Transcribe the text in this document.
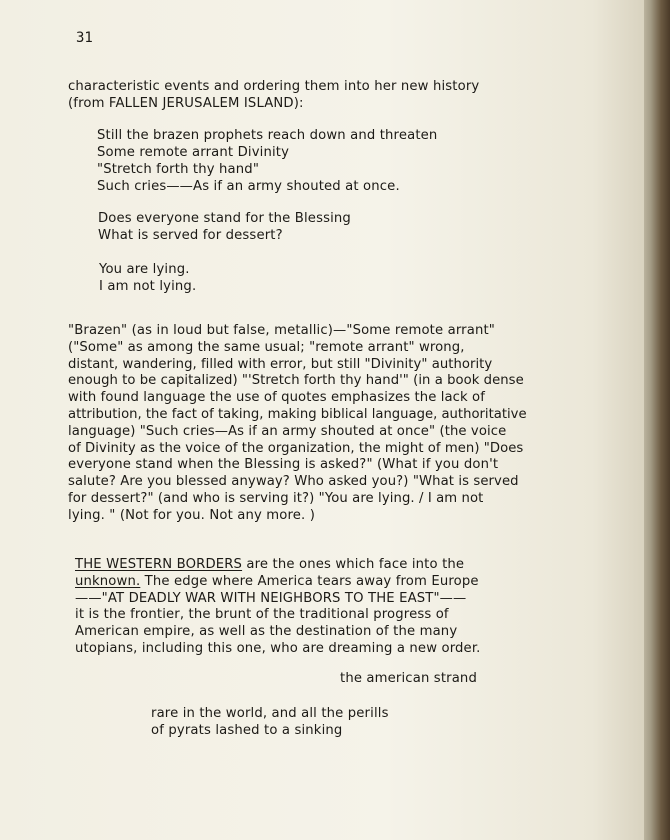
31
characteristic events and ordering them into her new history
(from FALLEN JERUSALEM ISLAND):
Still the brazen prophets reach down and threaten
Some remote arrant Divinity
"Stretch forth thy hand"
Such cries——As if an army shouted at once.
Does everyone stand for the Blessing
What is served for dessert?
You are lying.
I am not lying.
"Brazen" (as in loud but false, metallic)—"Some remote arrant"
("Some" as among the same usual; "remote arrant" wrong,
distant, wandering, filled with error, but still "Divinity" authority
enough to be capitalized) "'Stretch forth thy hand'" (in a book dense
with found language the use of quotes emphasizes the lack of
attribution, the fact of taking, making biblical language, authoritative
language) "Such cries—As if an army shouted at once" (the voice
of Divinity as the voice of the organization, the might of men) "Does
everyone stand when the Blessing is asked?" (What if you don't
salute? Are you blessed anyway? Who asked you?) "What is served
for dessert?" (and who is serving it?) "You are lying. / I am not
lying. " (Not for you. Not any more. )
THE WESTERN BORDERS are the ones which face into the
unknown. The edge where America tears away from Europe
——"AT DEADLY WAR WITH NEIGHBORS TO THE EAST"——
it is the frontier, the brunt of the traditional progress of
American empire, as well as the destination of the many
utopians, including this one, who are dreaming a new order.
the american strand
rare in the world, and all the perills
of pyrats lashed to a sinking
